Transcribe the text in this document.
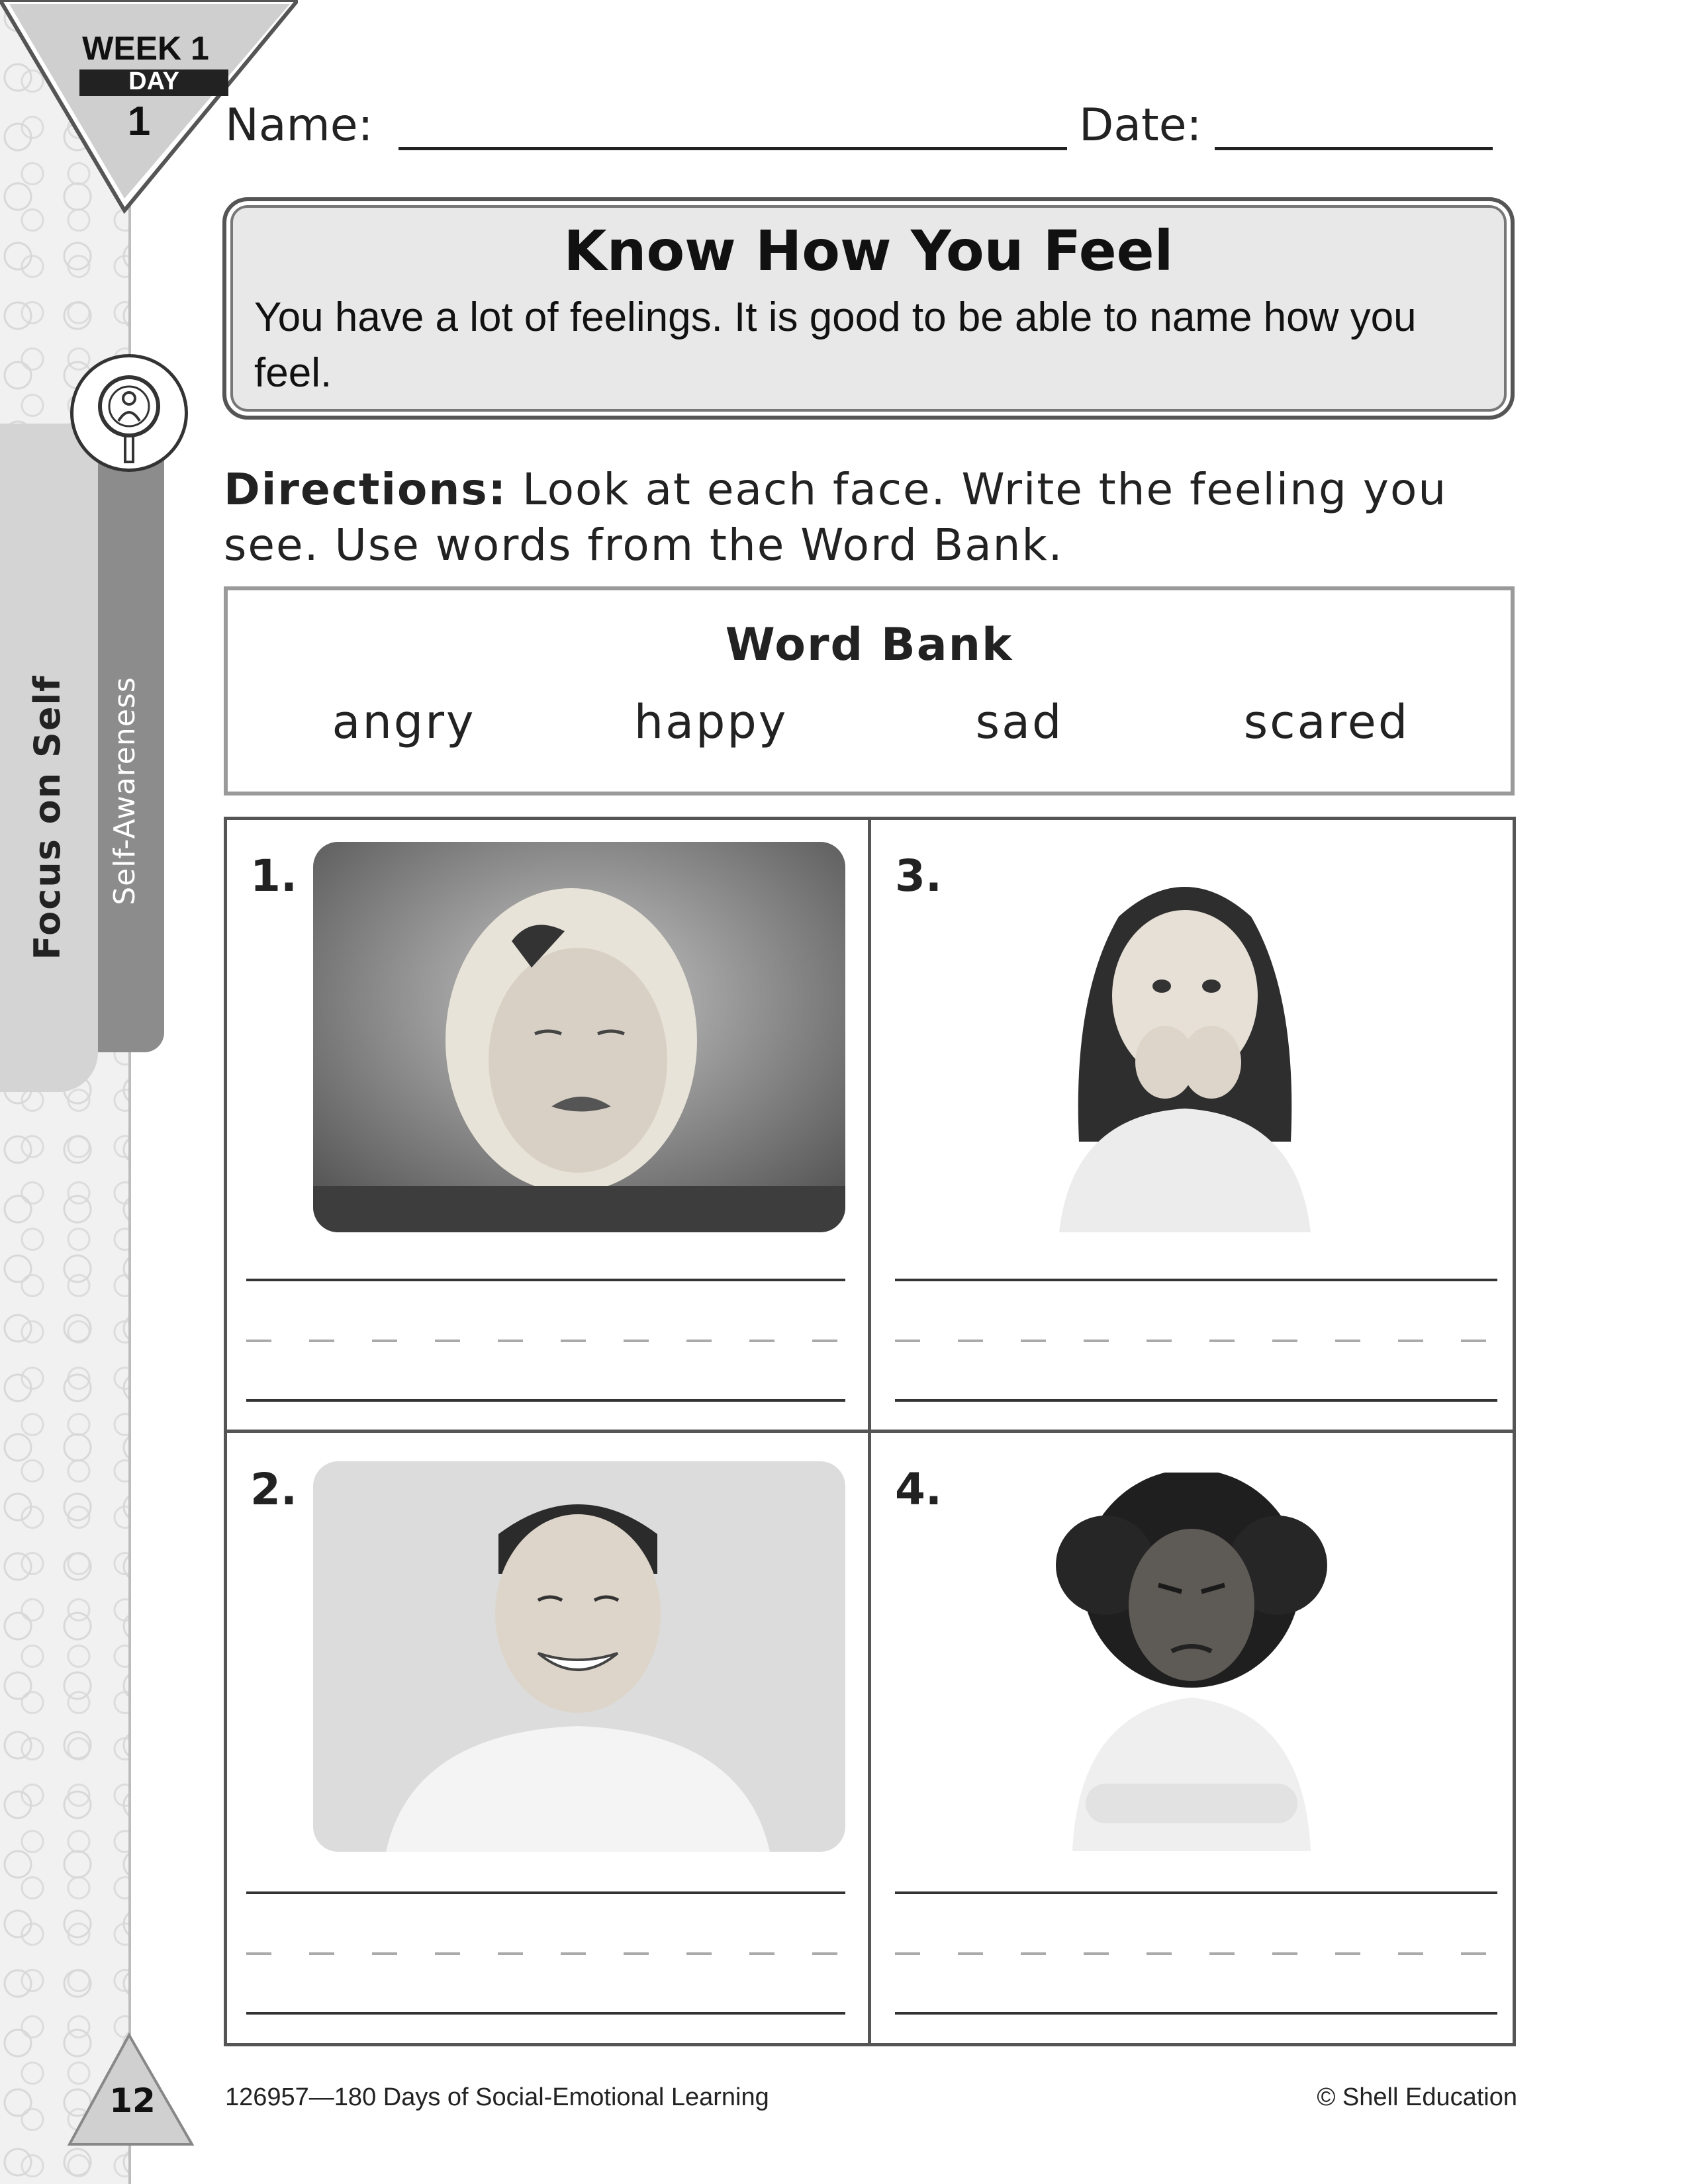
WEEK 1
DAY
1
Focus on Self	Self-Awareness
Name:	Date:
Know How You Feel
You have a lot of feelings. It is good to be able to name how you feel.
Directions: Look at each face. Write the feeling you see. Use words from the Word Bank.
Word Bank
angry	happy	sad	scared
1.	3.
2.	4.
12	126957—180 Days of Social-Emotional Learning	© Shell Education
